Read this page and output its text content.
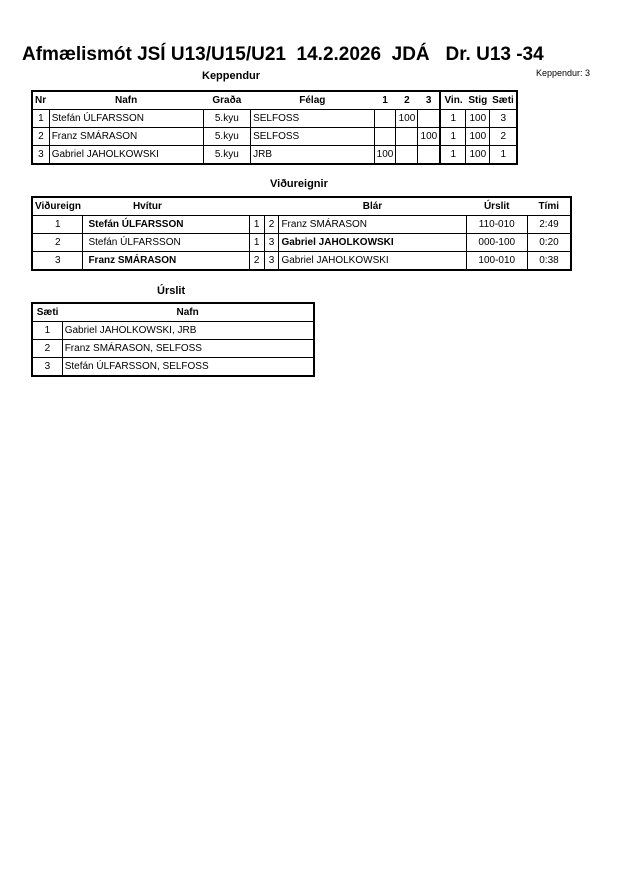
Afmælismót JSÍ U13/U15/U21  14.2.2026  JDÁ   Dr. U13 -34
Keppendur	Keppendur: 3
Nr	Nafn	Graða	Félag	1	2	3	Vin.	Stig	Sæti
1	Stefán ÚLFARSSON	5.kyu	SELFOSS		100		1	100	3
2	Franz SMÁRASON	5.kyu	SELFOSS			100	1	100	2
3	Gabriel JAHOLKOWSKI	5.kyu	JRB	100			1	100	1
Viðureignir
Viðureign	Hvítur			Blár	Úrslit	Tími
1	Stefán ÚLFARSSON	1	2	Franz SMÁRASON	110-010	2:49
2	Stefán ÚLFARSSON	1	3	Gabriel JAHOLKOWSKI	000-100	0:20
3	Franz SMÁRASON	2	3	Gabriel JAHOLKOWSKI	100-010	0:38
Úrslit
Sæti	Nafn
1	Gabriel JAHOLKOWSKI, JRB
2	Franz SMÁRASON, SELFOSS
3	Stefán ÚLFARSSON, SELFOSS
